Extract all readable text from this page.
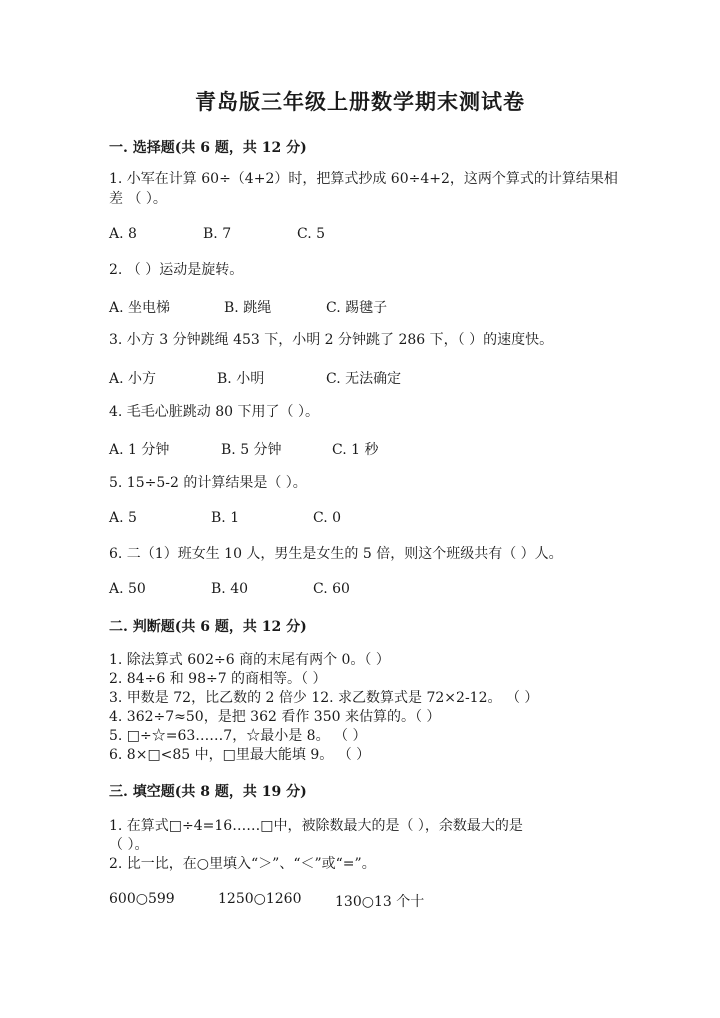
青岛版三年级上册数学期末测试卷
一. 选择题(共 6 题，共 12 分)
1. 小军在计算 60÷（4+2）时，把算式抄成 60÷4+2，这两个算式的计算结果相
差 （ ）。
A. 8	B. 7	C. 5
2. （ ）运动是旋转。
A. 坐电梯	B. 跳绳	C. 踢毽子
3. 小方 3 分钟跳绳 453 下，小明 2 分钟跳了 286 下，（ ）的速度快。
A. 小方	B. 小明	C. 无法确定
4. 毛毛心脏跳动 80 下用了（ ）。
A. 1 分钟	B. 5 分钟	C. 1 秒
5. 15÷5-2 的计算结果是（ ）。
A. 5	B. 1	C. 0
6. 二（1）班女生 10 人，男生是女生的 5 倍，则这个班级共有（ ）人。
A. 50	B. 40	C. 60
二. 判断题(共 6 题，共 12 分)
1. 除法算式 602÷6 商的末尾有两个 0。（ ）
2. 84÷6 和 98÷7 的商相等。（ ）
3. 甲数是 72，比乙数的 2 倍少 12. 求乙数算式是 72×2-12。 （ ）
4. 362÷7≈50，是把 362 看作 350 来估算的。（ ）
5. □÷☆=63……7，☆最小是 8。 （ ）
6. 8×□<85 中，□里最大能填 9。 （ ）
三. 填空题(共 8 题，共 19 分)
1. 在算式□÷4=16……□中，被除数最大的是（ ），余数最大的是
（ ）。
2. 比一比，在○里填入“＞”、“＜”或“=”。
600○599	1250○1260 130○13 个十
